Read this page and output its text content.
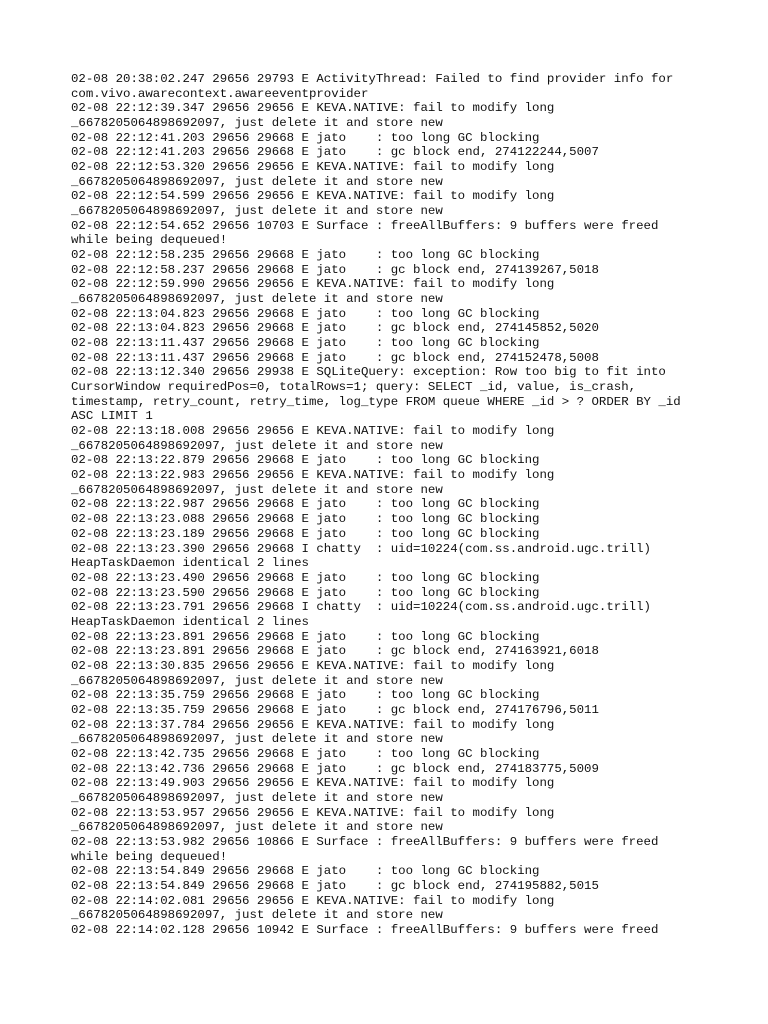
02-08 20:38:02.247 29656 29793 E ActivityThread: Failed to find provider info for
com.vivo.awarecontext.awareeventprovider
02-08 22:12:39.347 29656 29656 E KEVA.NATIVE: fail to modify long
_6678205064898692097, just delete it and store new
02-08 22:12:41.203 29656 29668 E jato    : too long GC blocking
02-08 22:12:41.203 29656 29668 E jato    : gc block end, 274122244,5007
02-08 22:12:53.320 29656 29656 E KEVA.NATIVE: fail to modify long
_6678205064898692097, just delete it and store new
02-08 22:12:54.599 29656 29656 E KEVA.NATIVE: fail to modify long
_6678205064898692097, just delete it and store new
02-08 22:12:54.652 29656 10703 E Surface : freeAllBuffers: 9 buffers were freed
while being dequeued!
02-08 22:12:58.235 29656 29668 E jato    : too long GC blocking
02-08 22:12:58.237 29656 29668 E jato    : gc block end, 274139267,5018
02-08 22:12:59.990 29656 29656 E KEVA.NATIVE: fail to modify long
_6678205064898692097, just delete it and store new
02-08 22:13:04.823 29656 29668 E jato    : too long GC blocking
02-08 22:13:04.823 29656 29668 E jato    : gc block end, 274145852,5020
02-08 22:13:11.437 29656 29668 E jato    : too long GC blocking
02-08 22:13:11.437 29656 29668 E jato    : gc block end, 274152478,5008
02-08 22:13:12.340 29656 29938 E SQLiteQuery: exception: Row too big to fit into
CursorWindow requiredPos=0, totalRows=1; query: SELECT _id, value, is_crash,
timestamp, retry_count, retry_time, log_type FROM queue WHERE _id > ? ORDER BY _id
ASC LIMIT 1
02-08 22:13:18.008 29656 29656 E KEVA.NATIVE: fail to modify long
_6678205064898692097, just delete it and store new
02-08 22:13:22.879 29656 29668 E jato    : too long GC blocking
02-08 22:13:22.983 29656 29656 E KEVA.NATIVE: fail to modify long
_6678205064898692097, just delete it and store new
02-08 22:13:22.987 29656 29668 E jato    : too long GC blocking
02-08 22:13:23.088 29656 29668 E jato    : too long GC blocking
02-08 22:13:23.189 29656 29668 E jato    : too long GC blocking
02-08 22:13:23.390 29656 29668 I chatty  : uid=10224(com.ss.android.ugc.trill)
HeapTaskDaemon identical 2 lines
02-08 22:13:23.490 29656 29668 E jato    : too long GC blocking
02-08 22:13:23.590 29656 29668 E jato    : too long GC blocking
02-08 22:13:23.791 29656 29668 I chatty  : uid=10224(com.ss.android.ugc.trill)
HeapTaskDaemon identical 2 lines
02-08 22:13:23.891 29656 29668 E jato    : too long GC blocking
02-08 22:13:23.891 29656 29668 E jato    : gc block end, 274163921,6018
02-08 22:13:30.835 29656 29656 E KEVA.NATIVE: fail to modify long
_6678205064898692097, just delete it and store new
02-08 22:13:35.759 29656 29668 E jato    : too long GC blocking
02-08 22:13:35.759 29656 29668 E jato    : gc block end, 274176796,5011
02-08 22:13:37.784 29656 29656 E KEVA.NATIVE: fail to modify long
_6678205064898692097, just delete it and store new
02-08 22:13:42.735 29656 29668 E jato    : too long GC blocking
02-08 22:13:42.736 29656 29668 E jato    : gc block end, 274183775,5009
02-08 22:13:49.903 29656 29656 E KEVA.NATIVE: fail to modify long
_6678205064898692097, just delete it and store new
02-08 22:13:53.957 29656 29656 E KEVA.NATIVE: fail to modify long
_6678205064898692097, just delete it and store new
02-08 22:13:53.982 29656 10866 E Surface : freeAllBuffers: 9 buffers were freed
while being dequeued!
02-08 22:13:54.849 29656 29668 E jato    : too long GC blocking
02-08 22:13:54.849 29656 29668 E jato    : gc block end, 274195882,5015
02-08 22:14:02.081 29656 29656 E KEVA.NATIVE: fail to modify long
_6678205064898692097, just delete it and store new
02-08 22:14:02.128 29656 10942 E Surface : freeAllBuffers: 9 buffers were freed
